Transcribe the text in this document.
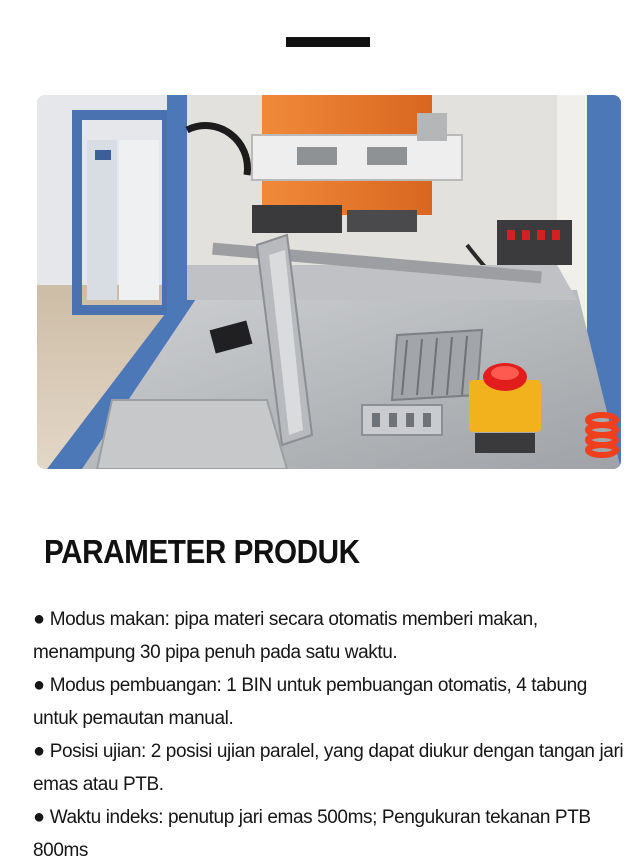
PARAMETER PRODUK
● Modus makan: pipa materi secara otomatis memberi makan, menampung 30 pipa penuh pada satu waktu.
● Modus pembuangan: 1 BIN untuk pembuangan otomatis, 4 tabung untuk pemautan manual.
● Posisi ujian: 2 posisi ujian paralel, yang dapat diukur dengan tangan jari emas atau PTB.
● Waktu indeks: penutup jari emas 500ms; Pengukuran tekanan PTB 800ms
